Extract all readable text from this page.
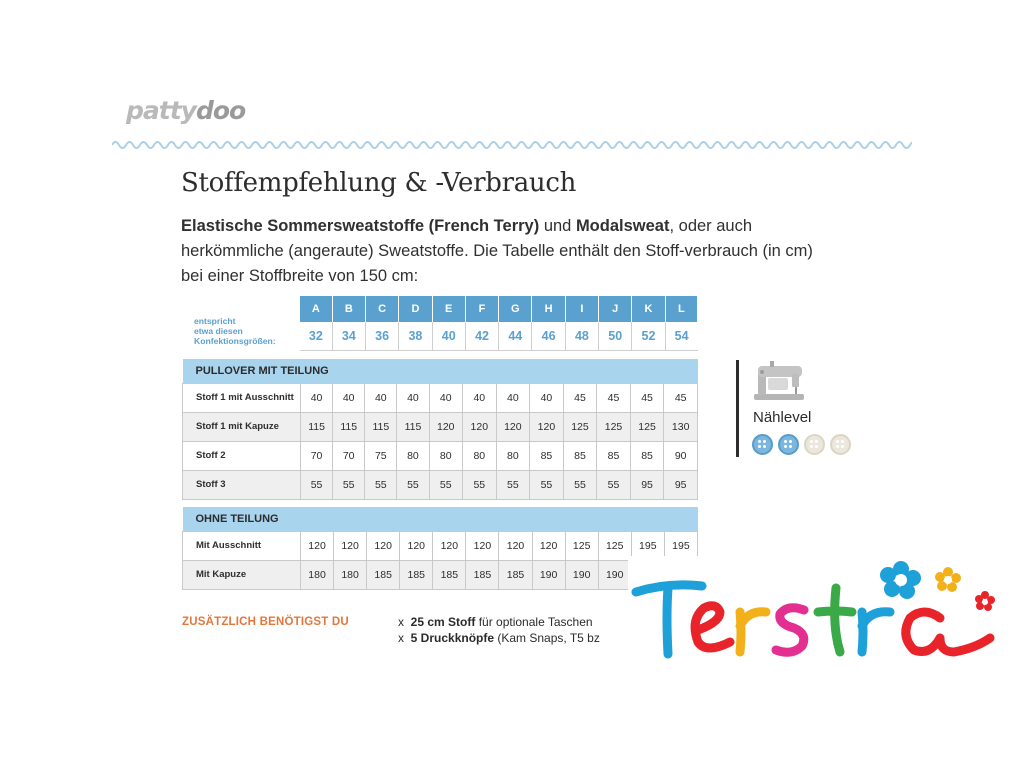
pattydoo
Stoffempfehlung & -Verbrauch

Elastische Sommersweatstoffe (French Terry) und Modalsweat, oder auch herkömmliche (angeraute) Sweatstoffe. Die Tabelle enthält den Stoff-verbrauch (in cm) bei einer Stoffbreite von 150 cm:

entspricht
etwa diesen
Konfektionsgrößen:	A	B	C	D	E	F	G	H	I	J	K	L
	32	34	36	38	40	42	44	46	48	50	52	54
PULLOVER MIT TEILUNG												
Stoff 1 mit Ausschnitt	40	40	40	40	40	40	40	40	45	45	45	45
Stoff 1 mit Kapuze	115	115	115	115	120	120	120	120	125	125	125	130
Stoff 2	70	70	75	80	80	80	80	85	85	85	85	90
Stoff 3	55	55	55	55	55	55	55	55	55	55	95	95
OHNE TEILUNG												
Mit Ausschnitt	120	120	120	120	120	120	120	120	125	125	195	195
Mit Kapuze	180	180	185	185	185	185	185	190	190	190		
ZUSÄTZLICH BENÖTIGST DU	x 25 cm Stoff für optionale Taschen
x 5 Druckknöpfe (Kam Snaps, T5 bz
Nählevel
